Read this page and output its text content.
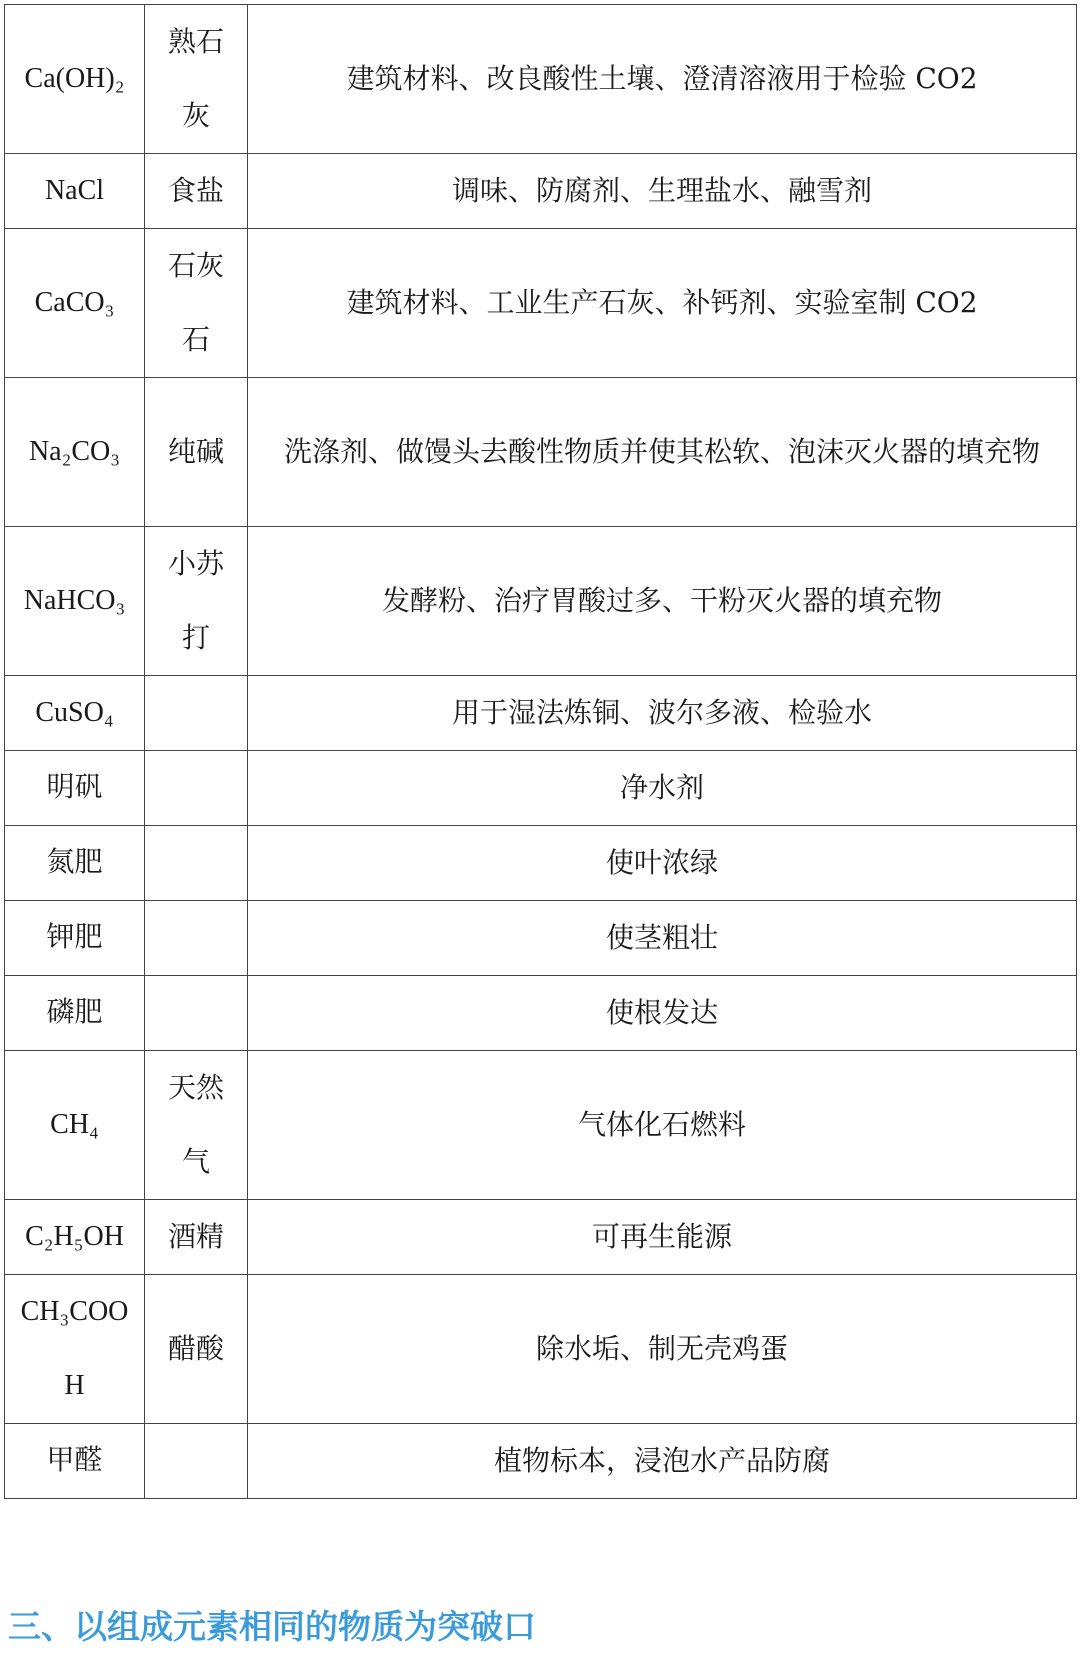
Ca(OH)₂	熟石灰	建筑材料、改良酸性土壤、澄清溶液用于检验 CO2
NaCl	食盐	调味、防腐剂、生理盐水、融雪剂
CaCO₃	石灰石	建筑材料、工业生产石灰、补钙剂、实验室制 CO2
Na₂CO₃	纯碱	洗涤剂、做馒头去酸性物质并使其松软、泡沫灭火器的填充物
NaHCO₃	小苏打	发酵粉、治疗胃酸过多、干粉灭火器的填充物
CuSO₄		用于湿法炼铜、波尔多液、检验水
明矾		净水剂
氮肥		使叶浓绿
钾肥		使茎粗壮
磷肥		使根发达
CH₄	天然气	气体化石燃料
C₂H₅OH	酒精	可再生能源
CH₃COOH	醋酸	除水垢、制无壳鸡蛋
甲醛		植物标本，浸泡水产品防腐
三、以组成元素相同的物质为突破口
